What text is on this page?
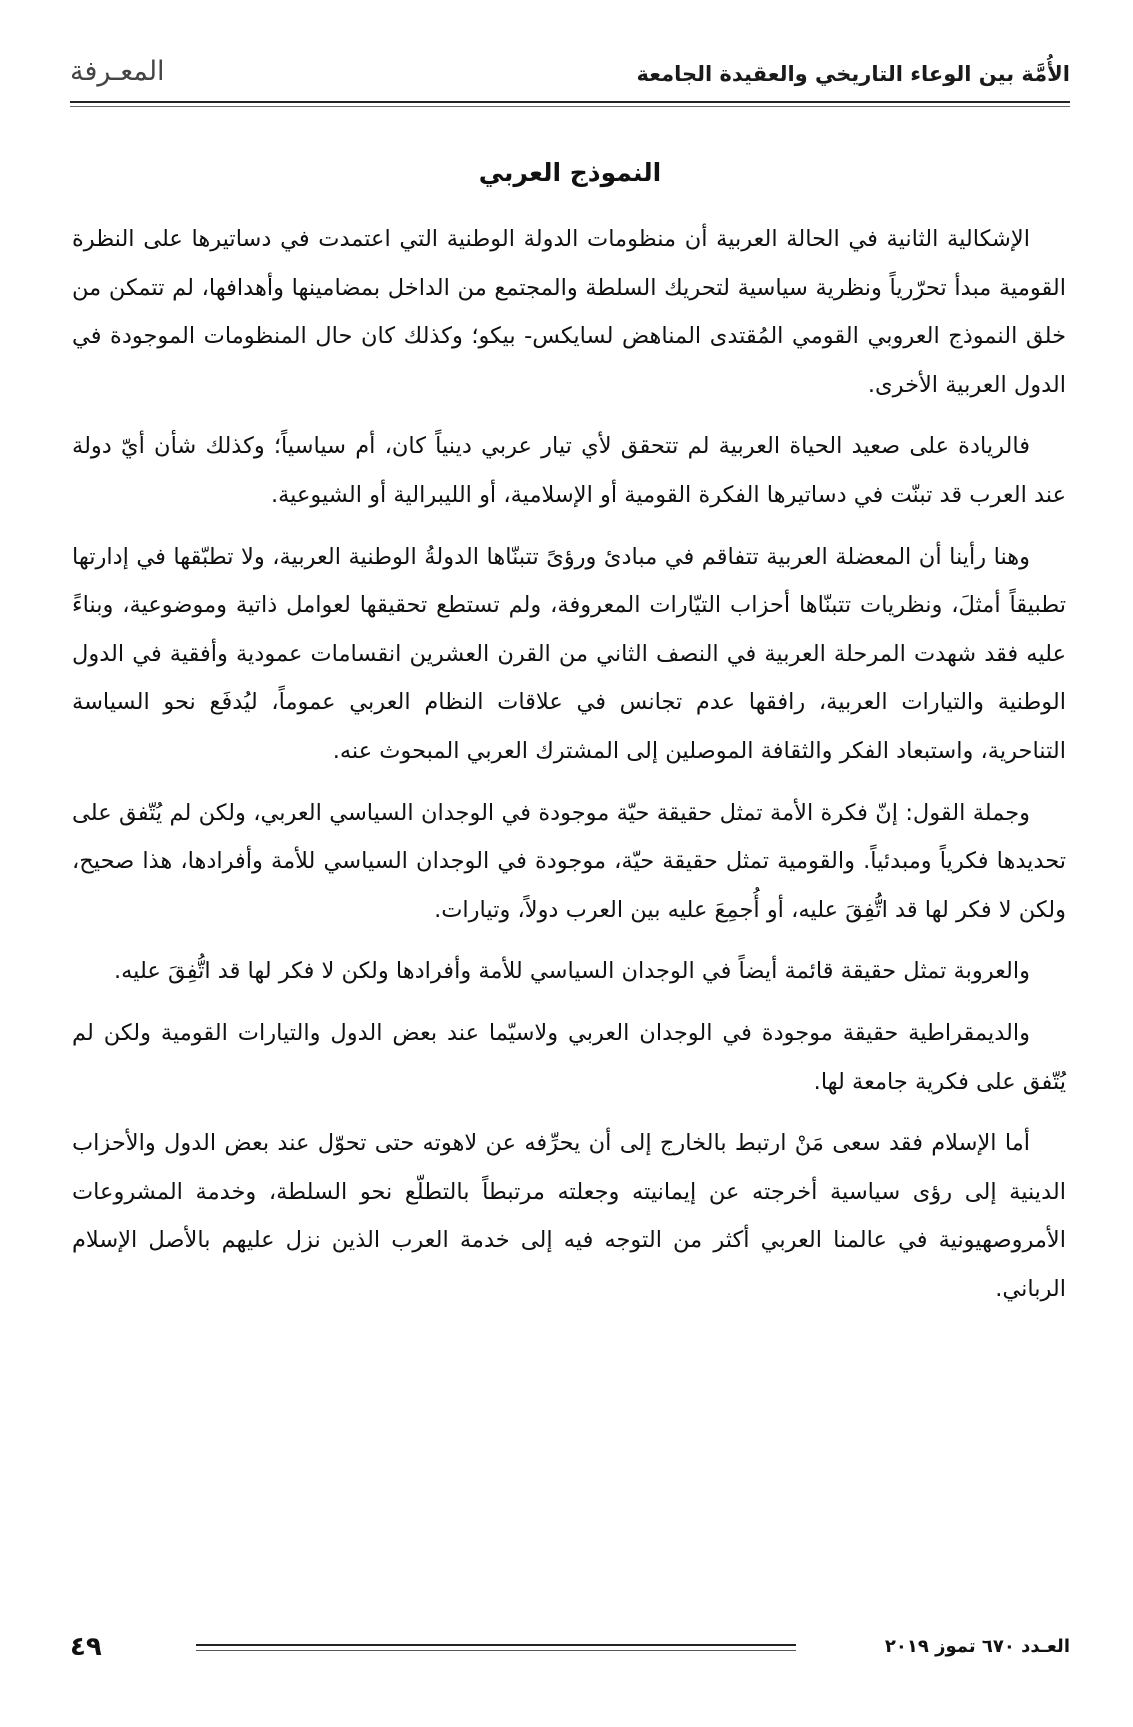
الأُمَّة بين الوعاء التاريخي والعقيدة الجامعة
المعـرفة
النموذج العربي

الإشكالية الثانية في الحالة العربية أن منظومات الدولة الوطنية التي اعتمدت في دساتيرها على النظرة القومية مبدأ تحرّرياً ونظرية سياسية لتحريك السلطة والمجتمع من الداخل بمضامينها وأهدافها، لم تتمكن من خلق النموذج العروبي القومي المُقتدى المناهض لسايكس- بيكو؛ وكذلك كان حال المنظومات الموجودة في الدول العربية الأخرى.

فالريادة على صعيد الحياة العربية لم تتحقق لأي تيار عربي دينياً كان، أم سياسياً؛ وكذلك شأن أيّ دولة عند العرب قد تبنّت في دساتيرها الفكرة القومية أو الإسلامية، أو الليبرالية أو الشيوعية.

وهنا رأينا أن المعضلة العربية تتفاقم في مبادئ ورؤىً تتبنّاها الدولةُ الوطنية العربية، ولا تطبّقها في إدارتها تطبيقاً أمثلَ، ونظريات تتبنّاها أحزاب التيّارات المعروفة، ولم تستطع تحقيقها لعوامل ذاتية وموضوعية، وبناءً عليه فقد شهدت المرحلة العربية في النصف الثاني من القرن العشرين انقسامات عمودية وأفقية في الدول الوطنية والتيارات العربية، رافقها عدم تجانس في علاقات النظام العربي عموماً، ليُدفَع نحو السياسة التناحرية، واستبعاد الفكر والثقافة الموصلين إلى المشترك العربي المبحوث عنه.

وجملة القول: إنّ فكرة الأمة تمثل حقيقة حيّة موجودة في الوجدان السياسي العربي، ولكن لم يُتّفق على تحديدها فكرياً ومبدئياً. والقومية تمثل حقيقة حيّة، موجودة في الوجدان السياسي للأمة وأفرادها، هذا صحيح، ولكن لا فكر لها قد اتُّفِقَ عليه، أو أُجمِعَ عليه بين العرب دولاً، وتيارات.

والعروبة تمثل حقيقة قائمة أيضاً في الوجدان السياسي للأمة وأفرادها ولكن لا فكر لها قد اتُّفِقَ عليه.

والديمقراطية حقيقة موجودة في الوجدان العربي ولاسيّما عند بعض الدول والتيارات القومية ولكن لم يُتّفق على فكرية جامعة لها.

أما الإسلام فقد سعى مَنْ ارتبط بالخارج إلى أن يحرِّفه عن لاهوته حتى تحوّل عند بعض الدول والأحزاب الدينية إلى رؤى سياسية أخرجته عن إيمانيته وجعلته مرتبطاً بالتطلّع نحو السلطة، وخدمة المشروعات الأمروصهيونية في عالمنا العربي أكثر من التوجه فيه إلى خدمة العرب الذين نزل عليهم بالأصل الإسلام الرباني.

العـدد ٦٧٠ تموز ٢٠١٩
٤٩
